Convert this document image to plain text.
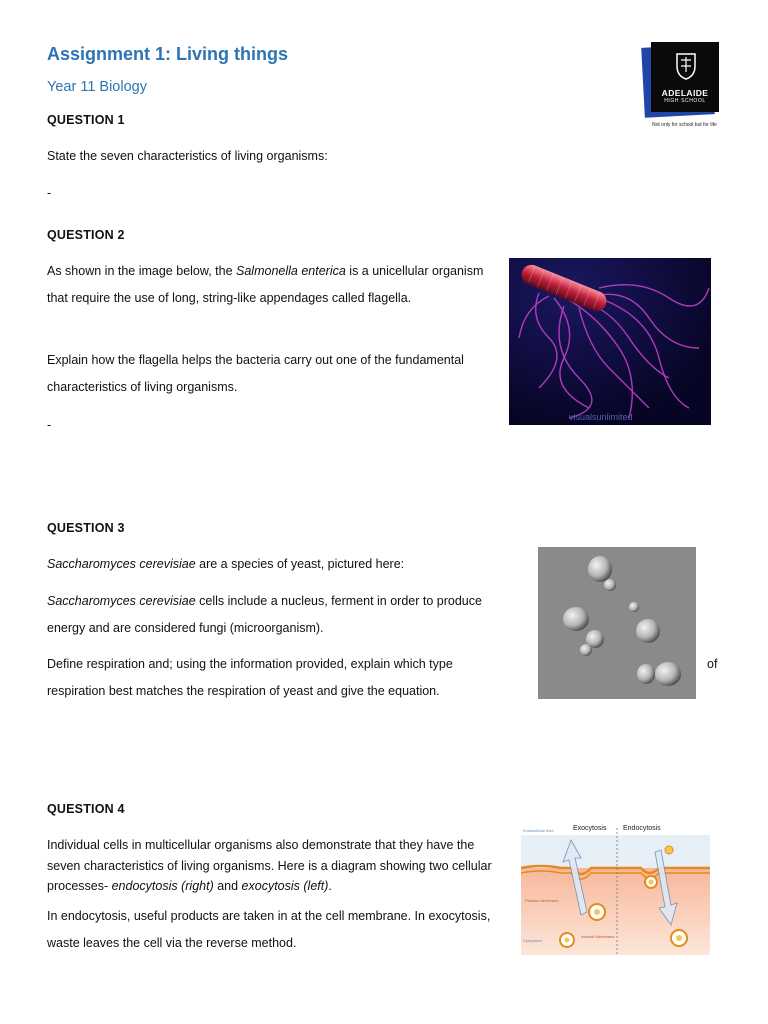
Assignment 1: Living things
Year 11 Biology	ADELAIDE
HIGH SCHOOL
Not only for school but for life
QUESTION 1
State the seven characteristics of living organisms:
-
QUESTION 2
As shown in the image below, the Salmonella enterica is a unicellular organism that require the use of long, string-like appendages called flagella.
Explain how the flagella helps the bacteria carry out one of the fundamental characteristics of living organisms.
-
visualsunlimited
QUESTION 3
Saccharomyces cerevisiae are a species of yeast, pictured here:
Saccharomyces cerevisiae cells include a nucleus, ferment in order to produce energy and are considered fungi (microorganism).
Define respiration and; using the information provided, explain which type	of
respiration best matches the respiration of yeast and give the equation.
QUESTION 4
Individual cells in multicellular organisms also demonstrate that they have the seven characteristics of living organisms. Here is a diagram showing two cellular processes- endocytosis (right) and exocytosis (left).
In endocytosis, useful products are taken in at the cell membrane. In exocytosis, waste leaves the cell via the reverse method.
Exocytosis Endocytosis
Extracellular fluid
Plasma membrane
Cytoplasm
Internal Membrane
